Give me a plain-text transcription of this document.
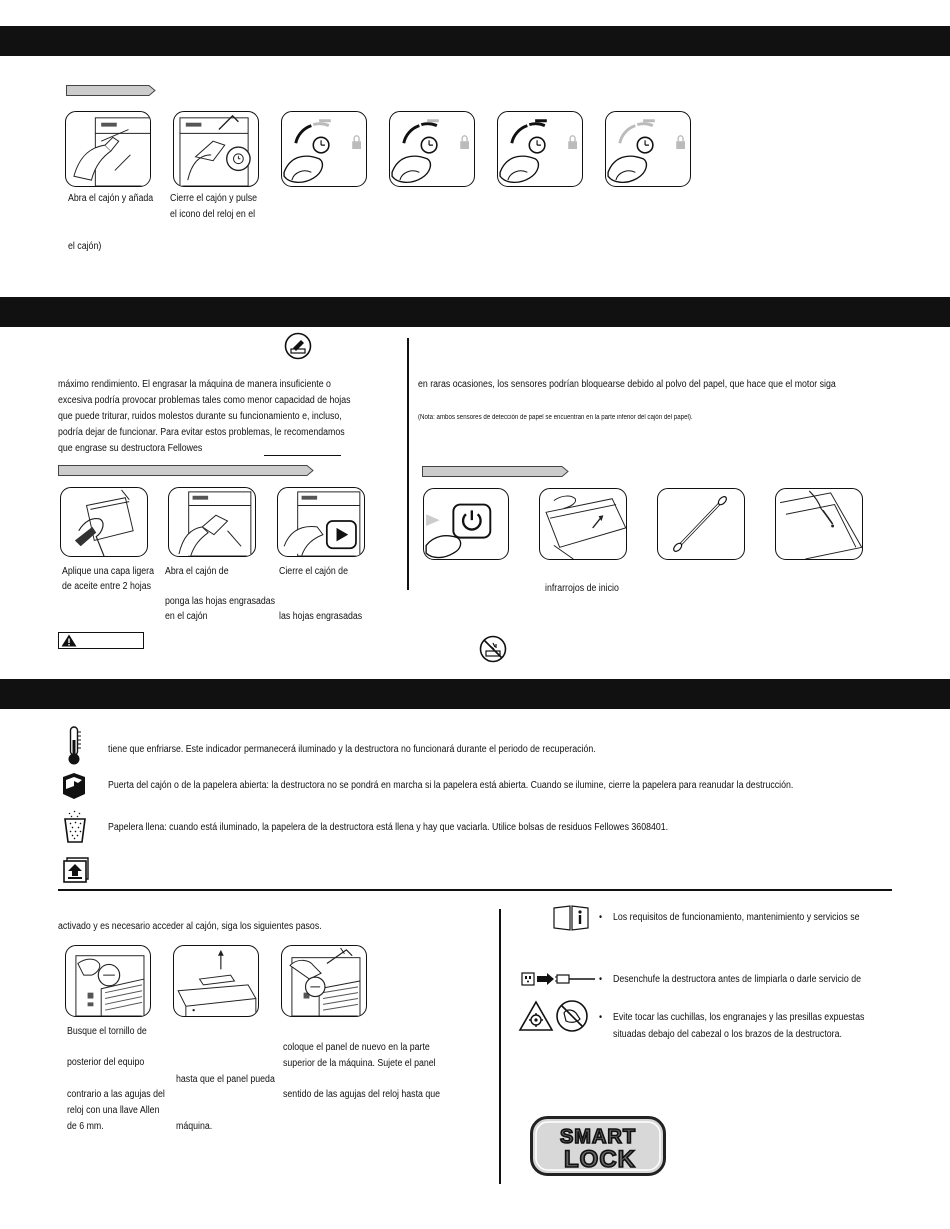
Abra el cajón y añada Cierre el cajón y pulse
el icono del reloj en el
el cajón)
máximo rendimiento. El engrasar la máquina de manera insuficiente o
excesiva podría provocar problemas tales como menor capacidad de hojas
que puede triturar, ruidos molestos durante su funcionamiento e, incluso,
podría dejar de funcionar. Para evitar estos problemas, le recomendamos
que engrase su destructora Fellowes
Aplique una capa ligera
de aceite entre 2 hojas
Abra el cajón de
ponga las hojas engrasadas
en el cajón
Cierre el cajón de
las hojas engrasadas
en raras ocasiones, los sensores podrían bloquearse debido al polvo del papel, que hace que el motor siga
(Nota: ambos sensores de detección de papel se encuentran en la parte inferior del cajón del papel).
infrarrojos de inicio
tiene que enfriarse. Este indicador permanecerá iluminado y la destructora no funcionará durante el periodo de recuperación.
Puerta del cajón o de la papelera abierta: la destructora no se pondrá en marcha si la papelera está abierta. Cuando se ilumine, cierre la papelera para reanudar la destrucción.
Papelera llena: cuando está iluminado, la papelera de la destructora está llena y hay que vaciarla. Utilice bolsas de residuos Fellowes 3608401.
activado y es necesario acceder al cajón, siga los siguientes pasos.
Busque el tornillo de
posterior del equipo
contrario a las agujas del
reloj con una llave Allen
de 6 mm.
hasta que el panel pueda
máquina.
coloque el panel de nuevo en la parte
superior de la máquina. Sujete el panel
sentido de las agujas del reloj hasta que
• Los requisitos de funcionamiento, mantenimiento y servicios se
• Desenchufe la destructora antes de limpiarla o darle servicio de
• Evite tocar las cuchillas, los engranajes y las presillas expuestas
situadas debajo del cabezal o los brazos de la destructora.
SMART
LOCK
